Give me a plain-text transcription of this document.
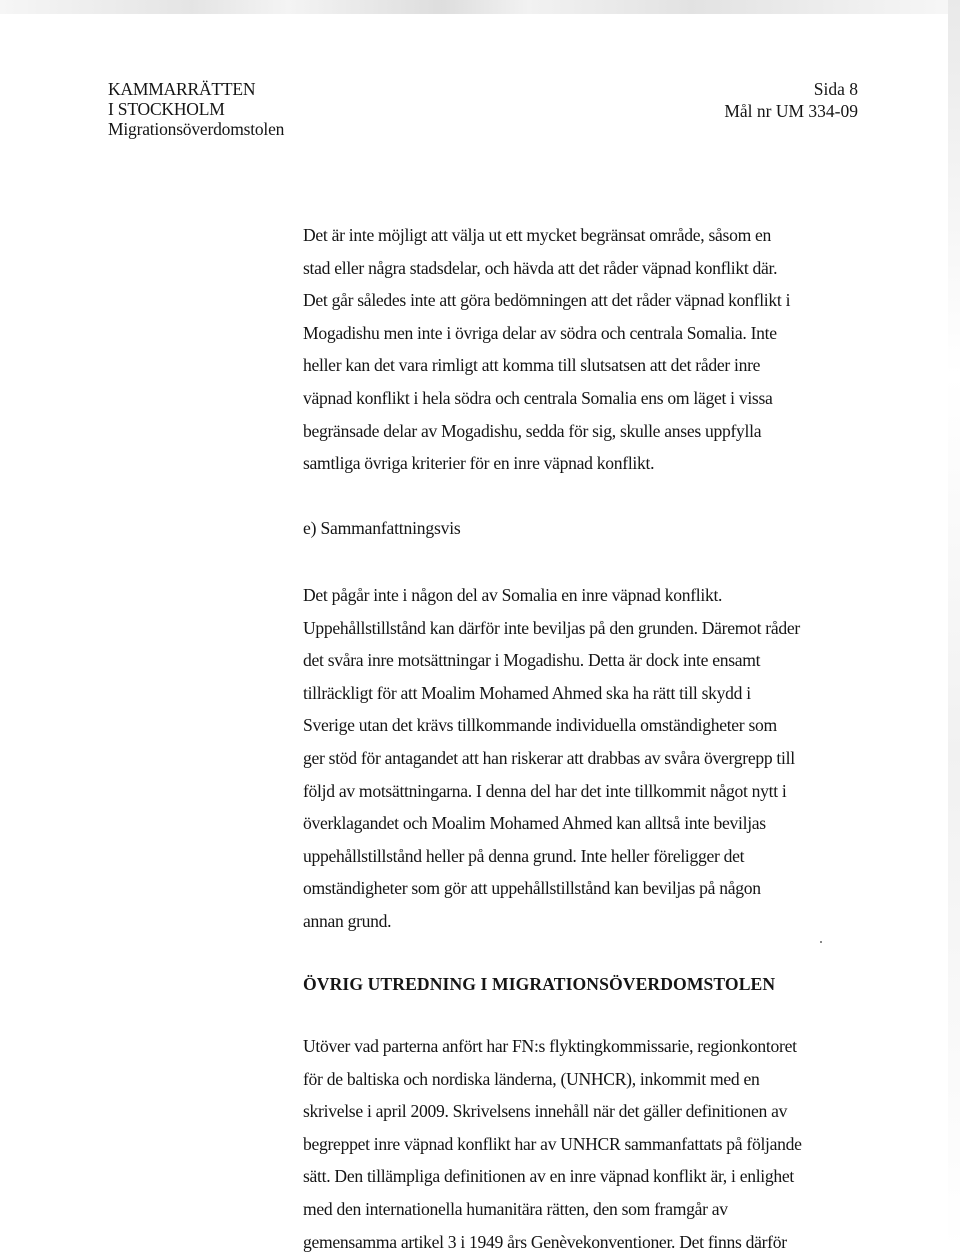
KAMMARRÄTTEN
I STOCKHOLM
Migrationsöverdomstolen
Sida 8
Mål nr UM 334-09
Det är inte möjligt att välja ut ett mycket begränsat område, såsom en
stad eller några stadsdelar, och hävda att det råder väpnad konflikt där.
Det går således inte att göra bedömningen att det råder väpnad konflikt i
Mogadishu men inte i övriga delar av södra och centrala Somalia. Inte
heller kan det vara rimligt att komma till slutsatsen att det råder inre
väpnad konflikt i hela södra och centrala Somalia ens om läget i vissa
begränsade delar av Mogadishu, sedda för sig, skulle anses uppfylla
samtliga övriga kriterier för en inre väpnad konflikt.
e) Sammanfattningsvis
Det pågår inte i någon del av Somalia en inre väpnad konflikt.
Uppehållstillstånd kan därför inte beviljas på den grunden. Däremot råder
det svåra inre motsättningar i Mogadishu. Detta är dock inte ensamt
tillräckligt för att Moalim Mohamed Ahmed ska ha rätt till skydd i
Sverige utan det krävs tillkommande individuella omständigheter som
ger stöd för antagandet att han riskerar att drabbas av svåra övergrepp till
följd av motsättningarna. I denna del har det inte tillkommit något nytt i
överklagandet och Moalim Mohamed Ahmed kan alltså inte beviljas
uppehållstillstånd heller på denna grund. Inte heller föreligger det
omständigheter som gör att uppehållstillstånd kan beviljas på någon
annan grund.
ÖVRIG UTREDNING I MIGRATIONSÖVERDOMSTOLEN
Utöver vad parterna anfört har FN:s flyktingkommissarie, regionkontoret
för de baltiska och nordiska länderna, (UNHCR), inkommit med en
skrivelse i april 2009. Skrivelsens innehåll när det gäller definitionen av
begreppet inre väpnad konflikt har av UNHCR sammanfattats på följande
sätt. Den tillämpliga definitionen av en inre väpnad konflikt är, i enlighet
med den internationella humanitära rätten, den som framgår av
gemensamma artikel 3 i 1949 års Genèvekonventioner. Det finns därför
